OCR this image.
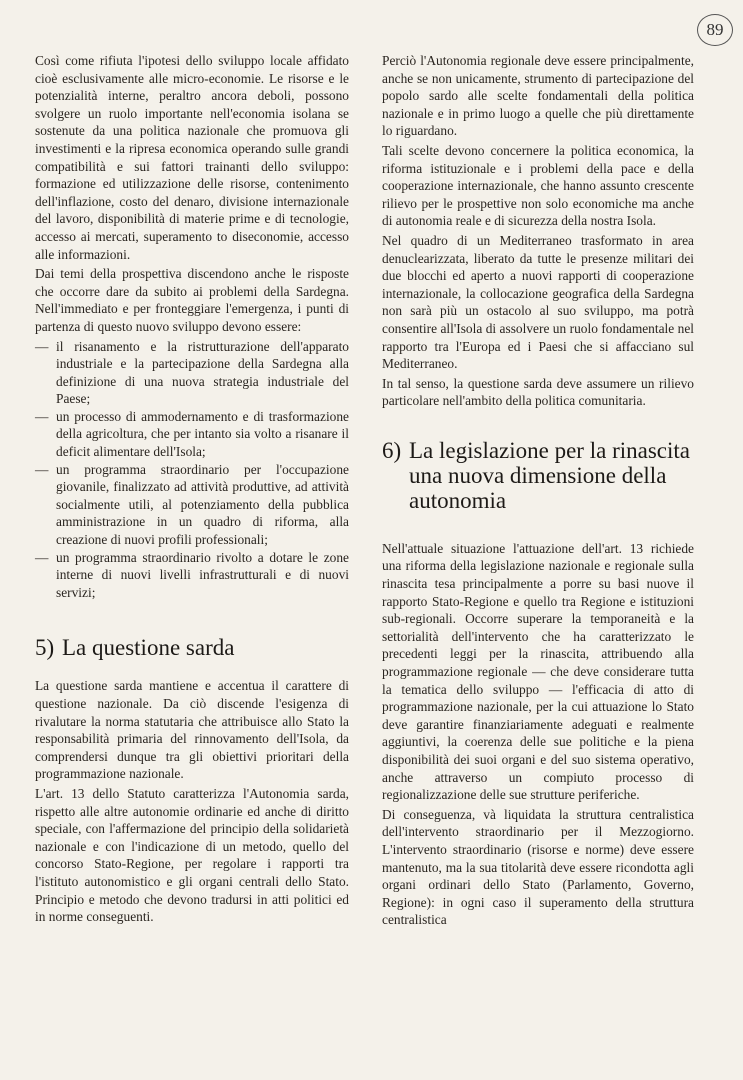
89

Così come rifiuta l'ipotesi dello sviluppo locale affidato cioè esclusivamente alle micro-economie. Le risorse e le potenzialità interne, peraltro ancora deboli, possono svolgere un ruolo importante nell'economia isolana se sostenute da una politica nazionale che promuova gli investimenti e la ripresa economica operando sulle grandi compatibilità e sui fattori trainanti dello sviluppo: formazione ed utilizzazione delle risorse, contenimento dell'inflazione, costo del denaro, divisione internazionale del lavoro, disponibilità di materie prime e di tecnologie, accesso ai mercati, superamento to diseconomie, accesso alle informazioni.

Dai temi della prospettiva discendono anche le risposte che occorre dare da subito ai problemi della Sardegna. Nell'immediato e per fronteggiare l'emergenza, i punti di partenza di questo nuovo sviluppo devono essere:

— il risanamento e la ristrutturazione dell'apparato industriale e la partecipazione della Sardegna alla definizione di una nuova strategia industriale del Paese;
— un processo di ammodernamento e di trasformazione della agricoltura, che per intanto sia volto a risanare il deficit alimentare dell'Isola;
— un programma straordinario per l'occupazione giovanile, finalizzato ad attività produttive, ad attività socialmente utili, al potenziamento della pubblica amministrazione in un quadro di riforma, alla creazione di nuovi profili professionali;
— un programma straordinario rivolto a dotare le zone interne di nuovi livelli infrastrutturali e di nuovi servizi;
5) La questione sarda

La questione sarda mantiene e accentua il carattere di questione nazionale. Da ciò discende l'esigenza di rivalutare la norma statutaria che attribuisce allo Stato la responsabilità primaria del rinnovamento dell'Isola, da comprendersi dunque tra gli obiettivi prioritari della programmazione nazionale.

L'art. 13 dello Statuto caratterizza l'Autonomia sarda, rispetto alle altre autonomie ordinarie ed anche di diritto speciale, con l'affermazione del principio della solidarietà nazionale e con l'indicazione di un metodo, quello del concorso Stato-Regione, per regolare i rapporti tra l'istituto autonomistico e gli organi centrali dello Stato. Principio e metodo che devono tradursi in atti politici ed in norme conseguenti.

Perciò l'Autonomia regionale deve essere principalmente, anche se non unicamente, strumento di partecipazione del popolo sardo alle scelte fondamentali della politica nazionale e in primo luogo a quelle che più direttamente lo riguardano.

Tali scelte devono concernere la politica economica, la riforma istituzionale e i problemi della pace e della cooperazione internazionale, che hanno assunto crescente rilievo per le prospettive non solo economiche ma anche di autonomia reale e di sicurezza della nostra Isola.

Nel quadro di un Mediterraneo trasformato in area denuclearizzata, liberato da tutte le presenze militari dei due blocchi ed aperto a nuovi rapporti di cooperazione internazionale, la collocazione geografica della Sardegna non sarà più un ostacolo al suo sviluppo, ma potrà consentire all'Isola di assolvere un ruolo fondamentale nel rapporto tra l'Europa ed i Paesi che si affacciano sul Mediterraneo.

In tal senso, la questione sarda deve assumere un rilievo particolare nell'ambito della politica comunitaria.

6) La legislazione per la rinascita
una nuova dimensione della
autonomia

Nell'attuale situazione l'attuazione dell'art. 13 richiede una riforma della legislazione nazionale e regionale sulla rinascita tesa principalmente a porre su basi nuove il rapporto Stato-Regione e quello tra Regione e istituzioni sub-regionali. Occorre superare la temporaneità e la settorialità dell'intervento che ha caratterizzato le precedenti leggi per la rinascita, attribuendo alla programmazione regionale — che deve considerare tutta la tematica dello sviluppo — l'efficacia di atto di programmazione nazionale, per la cui attuazione lo Stato deve garantire finanziariamente adeguati e realmente aggiuntivi, la coerenza delle sue politiche e la piena disponibilità dei suoi organi e del suo sistema operativo, anche attraverso un compiuto processo di regionalizzazione delle sue strutture periferiche.

Di conseguenza, và liquidata la struttura centralistica dell'intervento straordinario per il Mezzogiorno. L'intervento straordinario (risorse e norme) deve essere mantenuto, ma la sua titolarità deve essere ricondotta agli organi ordinari dello Stato (Parlamento, Governo, Regione): in ogni caso il superamento della struttura centralistica
